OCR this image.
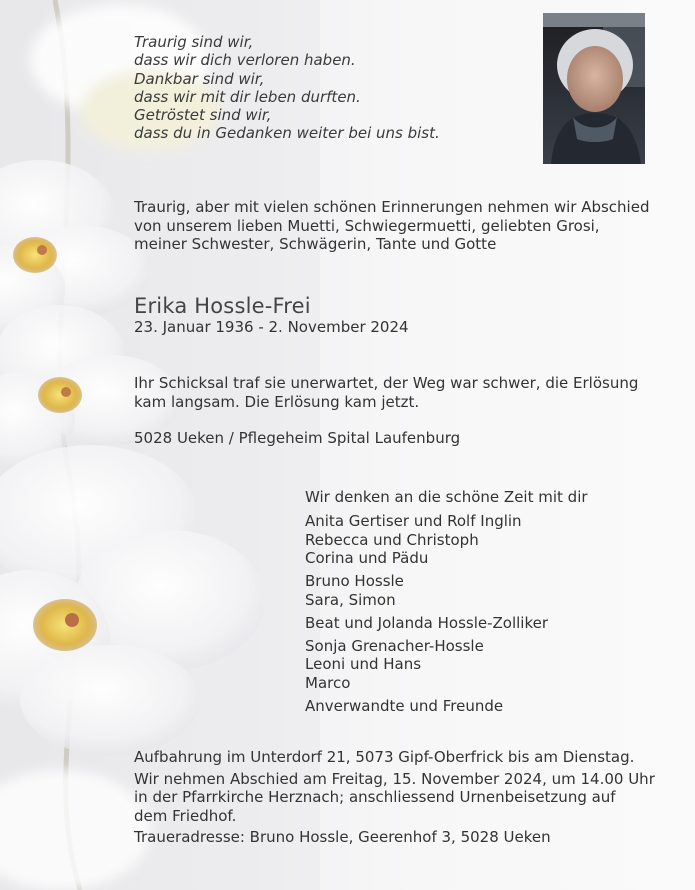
Traurig sind wir,
dass wir dich verloren haben.
Dankbar sind wir,
dass wir mit dir leben durften.
Getröstet sind wir,
dass du in Gedanken weiter bei uns bist.
Traurig, aber mit vielen schönen Erinnerungen nehmen wir Abschied
von unserem lieben Muetti, Schwiegermuetti, geliebten Grosi,
meiner Schwester, Schwägerin, Tante und Gotte
Erika Hossle-Frei
23. Januar 1936 - 2. November 2024
Ihr Schicksal traf sie unerwartet, der Weg war schwer, die Erlösung
kam langsam. Die Erlösung kam jetzt.
5028 Ueken / Pflegeheim Spital Laufenburg
Wir denken an die schöne Zeit mit dir
Anita Gertiser und Rolf Inglin
Rebecca und Christoph
Corina und Pädu
Bruno Hossle
Sara, Simon
Beat und Jolanda Hossle-Zolliker
Sonja Grenacher-Hossle
Leoni und Hans
Marco
Anverwandte und Freunde
Aufbahrung im Unterdorf 21, 5073 Gipf-Oberfrick bis am Dienstag.
Wir nehmen Abschied am Freitag, 15. November 2024, um 14.00 Uhr
in der Pfarrkirche Herznach; anschliessend Urnenbeisetzung auf
dem Friedhof.
Traueradresse: Bruno Hossle, Geerenhof 3, 5028 Ueken
